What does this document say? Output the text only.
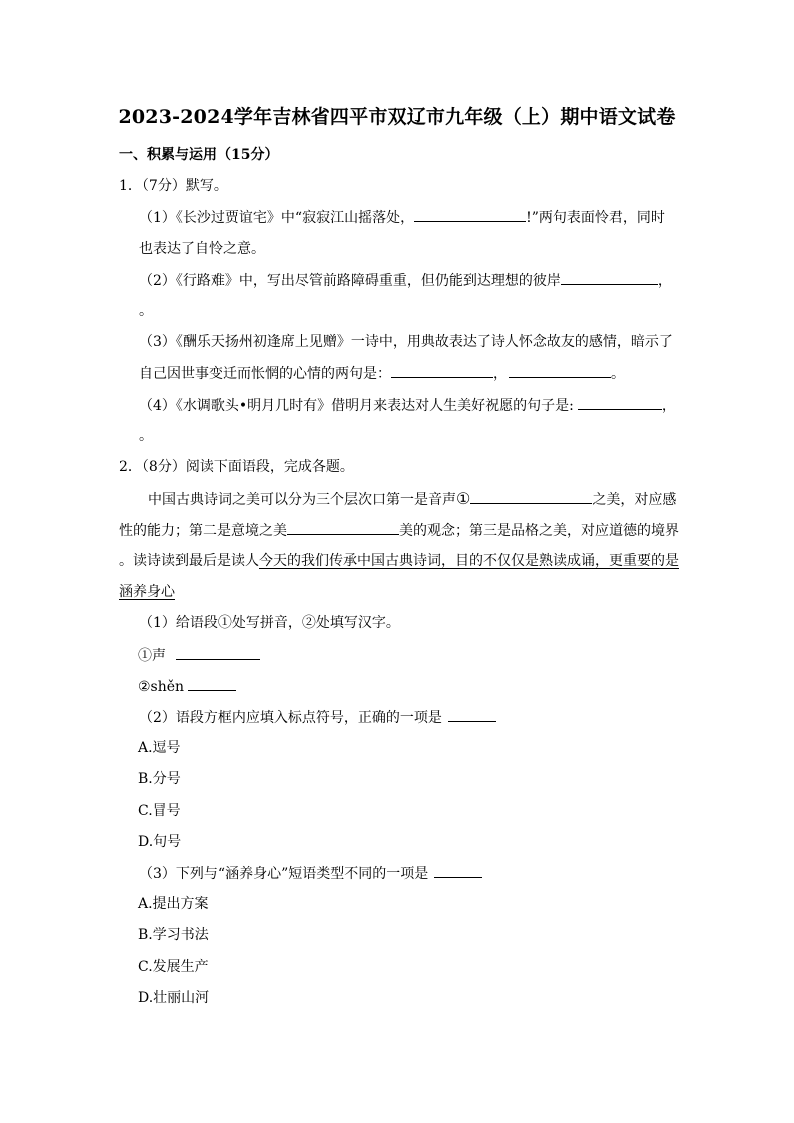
2023-2024学年吉林省四平市双辽市九年级（上）期中语文试卷
一、积累与运用（15分）
1．（7分）默写。
（1）《长沙过贾谊宅》中“寂寂江山摇落处，	!”两句表面怜君，同时
也表达了自怜之意。
（2）《行路难》中，写出尽管前路障碍重重，但仍能到达理想的彼岸	，
。
（3）《酬乐天扬州初逢席上见赠》一诗中，用典故表达了诗人怀念故友的感情，暗示了
自己因世事变迁而怅惘的心情的两句是：	，	。
（4）《水调歌头•明月几时有》借明月来表达对人生美好祝愿的句子是:	，
。
2．（8分）阅读下面语段，完成各题。
中国古典诗词之美可以分为三个层次口第一是音声①	之美，对应感
性的能力；第二是意境之美	美的观念；第三是品格之美，对应道德的境界
。读诗读到最后是读人今天的我们传承中国古典诗词，目的不仅仅是熟读成诵，更重要的是
涵养身心
（1）给语段①处写拼音，②处填写汉字。
①声
②shěn
（2）语段方框内应填入标点符号，正确的一项是
A.逗号
B.分号
C.冒号
D.句号
（3）下列与“涵养身心”短语类型不同的一项是
A.提出方案
B.学习书法
C.发展生产
D.壮丽山河
